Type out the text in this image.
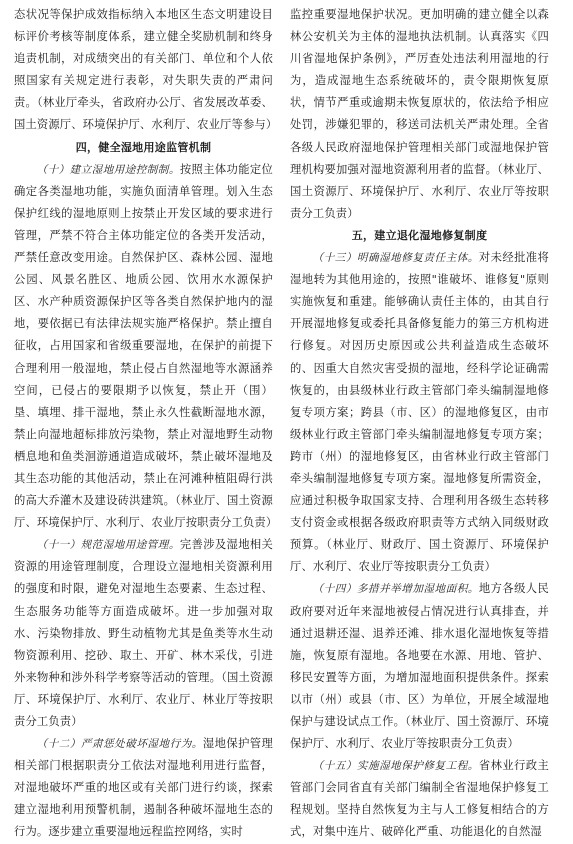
态状况等保护成效指标纳入本地区生态文明建设目标评价考核等制度体系，建立健全奖励机制和终身追责机制，对成绩突出的有关部门、单位和个人依照国家有关规定进行表彰，对失职失责的严肃问责。（林业厅牵头，省政府办公厅、省发展改革委、国土资源厅、环境保护厅、水利厅、农业厅等参与）

四，健全湿地用途监管机制

（十）建立湿地用途控制制。按照主体功能定位确定各类湿地功能，实施负面清单管理。划入生态保护红线的湿地原则上按禁止开发区域的要求进行管理，严禁不符合主体功能定位的各类开发活动，严禁任意改变用途。自然保护区、森林公园、湿地公园、风景名胜区、地质公园、饮用水水源保护区、水产种质资源保护区等各类自然保护地内的湿地，要依据已有法律法规实施严格保护。禁止擅自征收，占用国家和省级重要湿地，在保护的前提下合理利用一般湿地，禁止侵占自然湿地等水源涵养空间，已侵占的要限期予以恢复，禁止开（围）垦、填埋、排干湿地，禁止永久性截断湿地水源，禁止向湿地超标排放污染物，禁止对湿地野生动物栖息地和鱼类洄游通道造成破坏，禁止破坏湿地及其生态功能的其他活动，禁止在河滩种植阻碍行洪的高大乔灌木及建设砖洪建筑。（林业厅、国土资源厅、环境保护厅、水利厅、农业厅按职责分工负责）

（十一）规范湿地用途管理。完善涉及湿地相关资源的用途管理制度，合理设立湿地相关资源利用的强度和时限，避免对湿地生态要素、生态过程、生态服务功能等方面造成破坏。进一步加强对取水、污染物排放、野生动植物尤其是鱼类等水生动物资源利用、挖砂、取土、开矿、林木采伐，引进外来物种和涉外科学考察等活动的管理。（国土资源厅、环境保护厅、水利厅、农业厅、林业厅等按职责分工负责）

（十二）严肃惩处破坏湿地行为。湿地保护管理相关部门根据职责分工依法对湿地利用进行监督，对湿地破坏严重的地区或有关部门进行约谈，探索建立湿地利用预警机制，遏制各种破坏湿地生态的行为。逐步建立重要湿地远程监控网络，实时

监控重要湿地保护状况。更加明确的建立健全以森林公安机关为主体的湿地执法机制。认真落实《四川省湿地保护条例》，严厉查处违法利用湿地的行为，造成湿地生态系统破坏的，责令限期恢复原状，情节严重或逾期未恢复原状的，依法给予相应处罚，涉嫌犯罪的，移送司法机关严肃处理。全省各级人民政府湿地保护管理相关部门或湿地保护管理机构要加强对湿地资源利用者的监督。（林业厅、国土资源厅、环境保护厅、水利厅、农业厅等按职责分工负责）

五，建立退化湿地修复制度

（十三）明确湿地修复责任主体。对未经批准将湿地转为其他用途的，按照"谁破坏、谁修复"原则实施恢复和重建。能够确认责任主体的，由其自行开展湿地修复或委托具备修复能力的第三方机构进行修复。对因历史原因或公共利益造成生态破坏的、因重大自然灾害受损的湿地，经科学论证确需恢复的，由县级林业行政主管部门牵头编制湿地修复专项方案；跨县（市、区）的湿地修复区，由市级林业行政主管部门牵头编制湿地修复专项方案；跨市（州）的湿地修复区，由省林业行政主管部门牵头编制湿地修复专项方案。湿地修复所需资金，应通过积极争取国家支持、合理利用各级生态转移支付资金或根据各级政府职责等方式纳入同级财政预算。（林业厅、财政厅、国土资源厅、环境保护厅、水利厅、农业厅等按职责分工负责）

（十四）多措并举增加湿地面积。地方各级人民政府要对近年来湿地被侵占情况进行认真排查，并通过退耕还湿、退养还滩、排水退化湿地恢复等措施，恢复原有湿地。各地要在水源、用地、管护、移民安置等方面，为增加湿地面积提供条件。探索以市（州）或县（市、区）为单位，开展全域湿地保护与建设试点工作。（林业厅、国土资源厅、环境保护厅、水利厅、农业厅等按职责分工负责）

（十五）实施湿地保护修复工程。省林业行政主管部门会同省直有关部门编制全省湿地保护修复工程规划。坚持自然恢复为主与人工修复相结合的方式，对集中连片、破碎化严重、功能退化的自然湿
